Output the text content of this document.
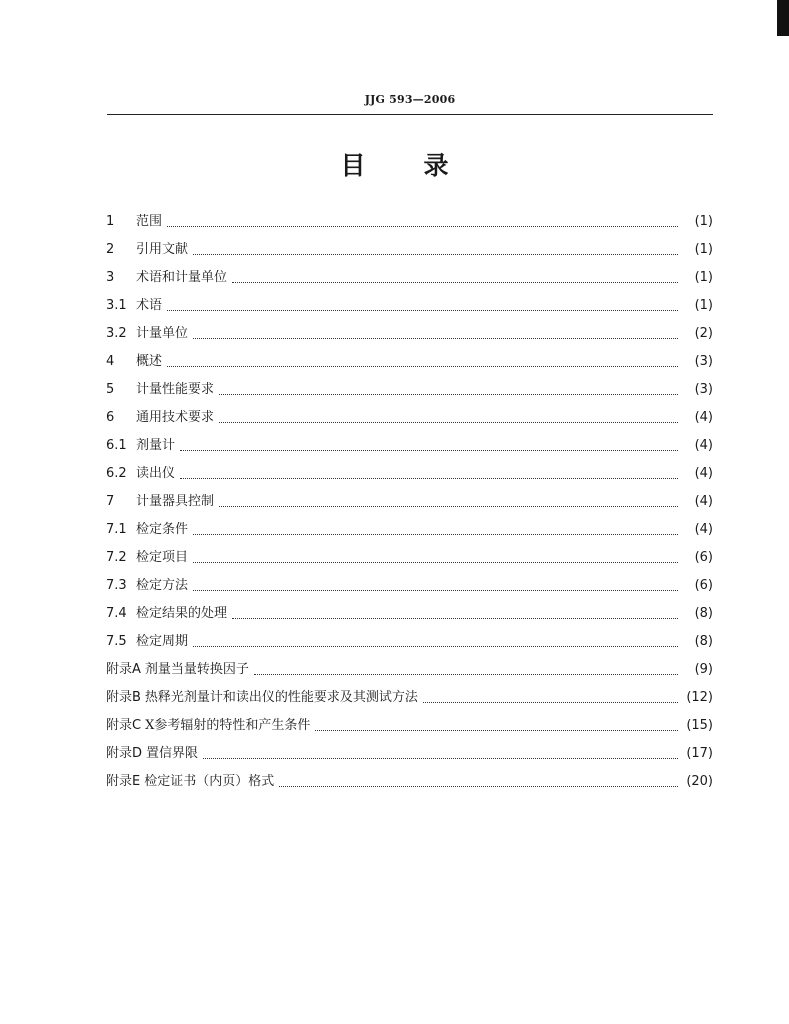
JJG 593—2006
目 录
1	范围	(1)
2	引用文献	(1)
3	术语和计量单位	(1)
3.1 术语	(1)
3.2 计量单位	(2)
4	概述	(3)
5	计量性能要求	(3)
6	通用技术要求	(4)
6.1 剂量计	(4)
6.2 读出仪	(4)
7	计量器具控制	(4)
7.1 检定条件	(4)
7.2 检定项目	(6)
7.3 检定方法	(6)
7.4 检定结果的处理	(8)
7.5 检定周期	(8)
附录A 剂量当量转换因子	(9)
附录B 热释光剂量计和读出仪的性能要求及其测试方法	(12)
附录C X参考辐射的特性和产生条件	(15)
附录D 置信界限	(17)
附录E 检定证书（内页）格式	(20)
